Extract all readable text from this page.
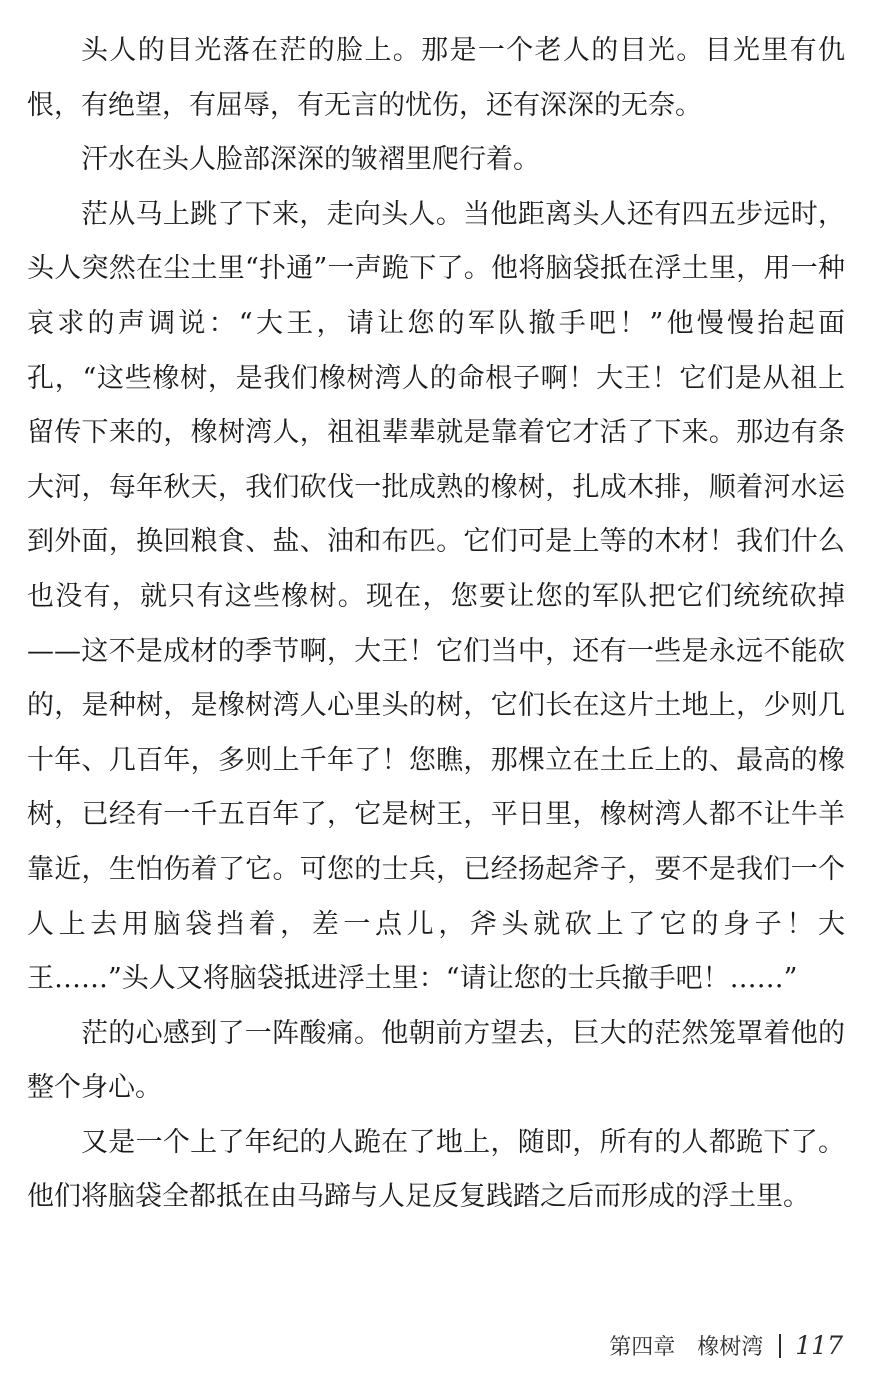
头人的目光落在茫的脸上。那是一个老人的目光。目光里有仇恨，有绝望，有屈辱，有无言的忧伤，还有深深的无奈。

汗水在头人脸部深深的皱褶里爬行着。

茫从马上跳了下来，走向头人。当他距离头人还有四五步远时，头人突然在尘土里“扑通”一声跪下了。他将脑袋抵在浮土里，用一种哀求的声调说：“大王，请让您的军队撤手吧！”他慢慢抬起面孔，“这些橡树，是我们橡树湾人的命根子啊！大王！它们是从祖上留传下来的，橡树湾人，祖祖辈辈就是靠着它才活了下来。那边有条大河，每年秋天，我们砍伐一批成熟的橡树，扎成木排，顺着河水运到外面，换回粮食、盐、油和布匹。它们可是上等的木材！我们什么也没有，就只有这些橡树。现在，您要让您的军队把它们统统砍掉——这不是成材的季节啊，大王！它们当中，还有一些是永远不能砍的，是种树，是橡树湾人心里头的树，它们长在这片土地上，少则几十年、几百年，多则上千年了！您瞧，那棵立在土丘上的、最高的橡树，已经有一千五百年了，它是树王，平日里，橡树湾人都不让牛羊靠近，生怕伤着了它。可您的士兵，已经扬起斧子，要不是我们一个人上去用脑袋挡着，差一点儿，斧头就砍上了它的身子！大王……”头人又将脑袋抵进浮土里：“请让您的士兵撤手吧！……”

茫的心感到了一阵酸痛。他朝前方望去，巨大的茫然笼罩着他的整个身心。

又是一个上了年纪的人跪在了地上，随即，所有的人都跪下了。他们将脑袋全都抵在由马蹄与人足反复践踏之后而形成的浮土里。

第四章　橡树湾 117
